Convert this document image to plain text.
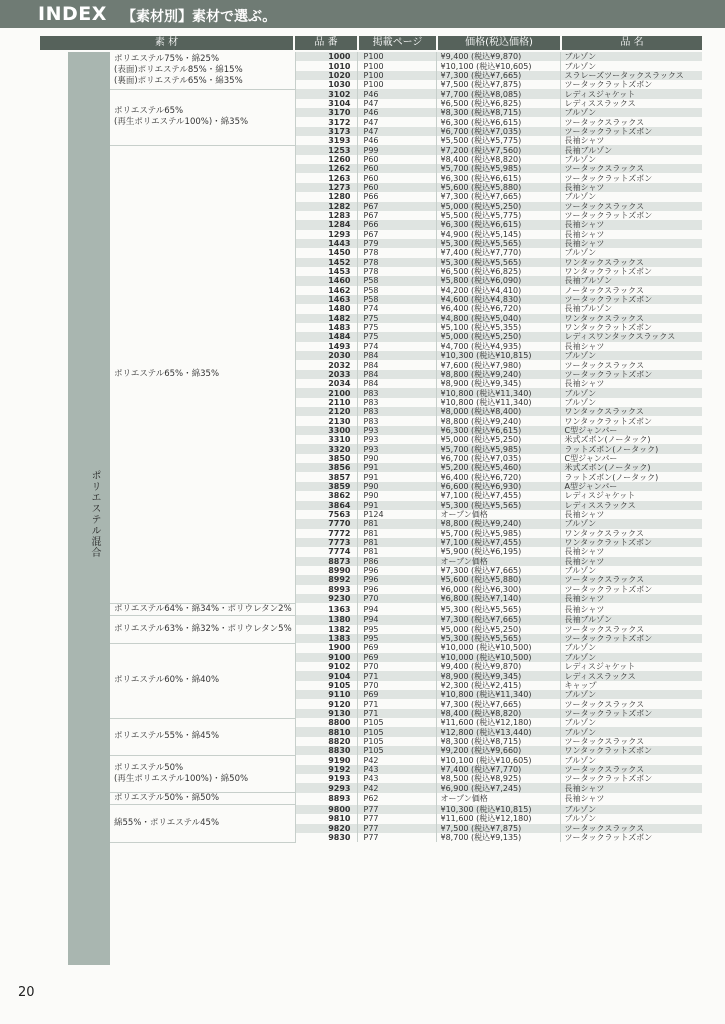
INDEX 【素材別】素材で選ぶ。
素 材	品 番	掲載ページ	価格(税込価格)	品 名
ポリエステル混合
ポリエステル75%・綿25%
(表面)ポリエステル85%・綿15%
(裏面)ポリエステル65%・綿35%	1000	P100	¥9,400 (税込¥9,870)	ブルゾン
	1010	P100	¥10,100 (税込¥10,605)	ブルゾン
	1020	P100	¥7,300 (税込¥7,665)	スラレーズツータックスラックス
	1030	P100	¥7,500 (税込¥7,875)	ツータックラットズボン
ポリエステル65%
(再生ポリエステル100%)・綿35%	3102	P46	¥7,700 (税込¥8,085)	レディスジャケット
	3104	P47	¥6,500 (税込¥6,825)	レディススラックス
	3170	P46	¥8,300 (税込¥8,715)	ブルゾン
	3172	P47	¥6,300 (税込¥6,615)	ツータックスラックス
	3173	P47	¥6,700 (税込¥7,035)	ツータックラットズボン
	3193	P46	¥5,500 (税込¥5,775)	長袖シャツ
ポリエステル65%・綿35%	1253	P99	¥7,200 (税込¥7,560)	長袖ブルゾン
	1260	P60	¥8,400 (税込¥8,820)	ブルゾン
	1262	P60	¥5,700 (税込¥5,985)	ツータックスラックス
	1263	P60	¥6,300 (税込¥6,615)	ツータックラットズボン
	1273	P60	¥5,600 (税込¥5,880)	長袖シャツ
	1280	P66	¥7,300 (税込¥7,665)	ブルゾン
	1282	P67	¥5,000 (税込¥5,250)	ツータックスラックス
	1283	P67	¥5,500 (税込¥5,775)	ツータックラットズボン
	1284	P66	¥6,300 (税込¥6,615)	長袖シャツ
	1293	P67	¥4,900 (税込¥5,145)	長袖シャツ
	1443	P79	¥5,300 (税込¥5,565)	長袖シャツ
	1450	P78	¥7,400 (税込¥7,770)	ブルゾン
	1452	P78	¥5,300 (税込¥5,565)	ワンタックスラックス
	1453	P78	¥6,500 (税込¥6,825)	ワンタックラットズボン
	1460	P58	¥5,800 (税込¥6,090)	長袖ブルゾン
	1462	P58	¥4,200 (税込¥4,410)	ノータックスラックス
	1463	P58	¥4,600 (税込¥4,830)	ツータックラットズボン
	1480	P74	¥6,400 (税込¥6,720)	長袖ブルゾン
	1482	P75	¥4,800 (税込¥5,040)	ワンタックスラックス
	1483	P75	¥5,100 (税込¥5,355)	ワンタックラットズボン
	1484	P75	¥5,000 (税込¥5,250)	レディスワンタックスラックス
	1493	P74	¥4,700 (税込¥4,935)	長袖シャツ
	2030	P84	¥10,300 (税込¥10,815)	ブルゾン
	2032	P84	¥7,600 (税込¥7,980)	ツータックスラックス
	2033	P84	¥8,800 (税込¥9,240)	ツータックラットズボン
	2034	P84	¥8,900 (税込¥9,345)	長袖シャツ
	2100	P83	¥10,800 (税込¥11,340)	ブルゾン
	2110	P83	¥10,800 (税込¥11,340)	ブルゾン
	2120	P83	¥8,000 (税込¥8,400)	ワンタックスラックス
	2130	P83	¥8,800 (税込¥9,240)	ワンタックラットズボン
	3300	P93	¥6,300 (税込¥6,615)	C型ジャンパー
	3310	P93	¥5,000 (税込¥5,250)	米式ズボン(ノータック)
	3320	P93	¥5,700 (税込¥5,985)	ラットズボン(ノータック)
	3850	P90	¥6,700 (税込¥7,035)	C型ジャンパー
	3856	P91	¥5,200 (税込¥5,460)	米式ズボン(ノータック)
	3857	P91	¥6,400 (税込¥6,720)	ラットズボン(ノータック)
	3859	P90	¥6,600 (税込¥6,930)	A型ジャンパー
	3862	P90	¥7,100 (税込¥7,455)	レディスジャケット
	3864	P91	¥5,300 (税込¥5,565)	レディススラックス
	7563	P124	オープン価格	長袖シャツ
	7770	P81	¥8,800 (税込¥9,240)	ブルゾン
	7772	P81	¥5,700 (税込¥5,985)	ワンタックスラックス
	7773	P81	¥7,100 (税込¥7,455)	ワンタックラットズボン
	7774	P81	¥5,900 (税込¥6,195)	長袖シャツ
	8873	P86	オープン価格	長袖シャツ
	8990	P96	¥7,300 (税込¥7,665)	ブルゾン
	8992	P96	¥5,600 (税込¥5,880)	ツータックスラックス
	8993	P96	¥6,000 (税込¥6,300)	ツータックラットズボン
	9230	P70	¥6,800 (税込¥7,140)	長袖シャツ
ポリエステル64%・綿34%・ポリウレタン2%	1363	P94	¥5,300 (税込¥5,565)	長袖シャツ
ポリエステル63%・綿32%・ポリウレタン5%	1380	P94	¥7,300 (税込¥7,665)	長袖ブルゾン
	1382	P95	¥5,000 (税込¥5,250)	ツータックスラックス
	1383	P95	¥5,300 (税込¥5,565)	ツータックラットズボン
ポリエステル60%・綿40%	1900	P69	¥10,000 (税込¥10,500)	ブルゾン
	9100	P69	¥10,000 (税込¥10,500)	ブルゾン
	9102	P70	¥9,400 (税込¥9,870)	レディスジャケット
	9104	P71	¥8,900 (税込¥9,345)	レディススラックス
	9105	P70	¥2,300 (税込¥2,415)	キャップ
	9110	P69	¥10,800 (税込¥11,340)	ブルゾン
	9120	P71	¥7,300 (税込¥7,665)	ツータックスラックス
	9130	P71	¥8,400 (税込¥8,820)	ツータックラットズボン
ポリエステル55%・綿45%	8800	P105	¥11,600 (税込¥12,180)	ブルゾン
	8810	P105	¥12,800 (税込¥13,440)	ブルゾン
	8820	P105	¥8,300 (税込¥8,715)	ツータックスラックス
	8830	P105	¥9,200 (税込¥9,660)	ワンタックラットズボン
ポリエステル50%
(再生ポリエステル100%)・綿50%	9190	P42	¥10,100 (税込¥10,605)	ブルゾン
	9192	P43	¥7,400 (税込¥7,770)	ツータックスラックス
	9193	P43	¥8,500 (税込¥8,925)	ツータックラットズボン
	9293	P42	¥6,900 (税込¥7,245)	長袖シャツ
ポリエステル50%・綿50%	8893	P62	オープン価格	長袖シャツ
綿55%・ポリエステル45%	9800	P77	¥10,300 (税込¥10,815)	ブルゾン
	9810	P77	¥11,600 (税込¥12,180)	ブルゾン
	9820	P77	¥7,500 (税込¥7,875)	ツータックスラックス
	9830	P77	¥8,700 (税込¥9,135)	ツータックラットズボン
20
